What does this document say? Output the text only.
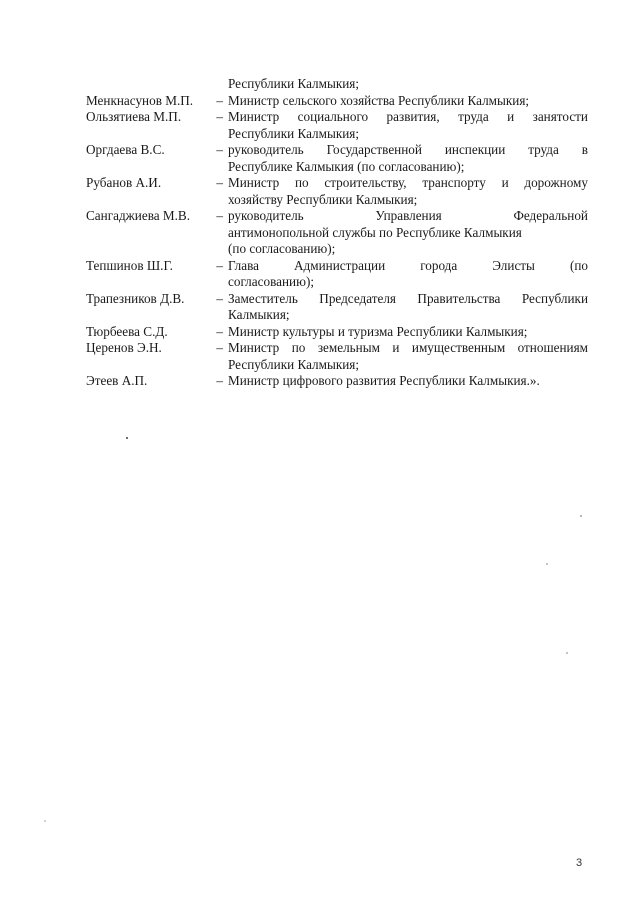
Республики Калмыкия;
Менкнасунов М.П.	– Министр сельского хозяйства Республики Калмыкия;
Ользятиева М.П.	– Министр социального развития, труда и занятости
Республики Калмыкия;
Оргдаева В.С.	– руководитель Государственной инспекции труда в
Республике Калмыкия (по согласованию);
Рубанов А.И.	– Министр по строительству, транспорту и дорожному
хозяйству Республики Калмыкия;
Сангаджиева М.В.	– руководитель Управления Федеральной
антимонопольной службы по Республике Калмыкия
(по согласованию);
Тепшинов Ш.Г.	– Глава Администрации города Элисты (по
согласованию);
Трапезников Д.В.	– Заместитель Председателя Правительства Республики
Калмыкия;
Тюрбеева С.Д.	– Министр культуры и туризма Республики Калмыкия;
Церенов Э.Н.	– Министр по земельным и имущественным отношениям
Республики Калмыкия;
Этеев А.П.	– Министр цифрового развития Республики Калмыкия.».
3
